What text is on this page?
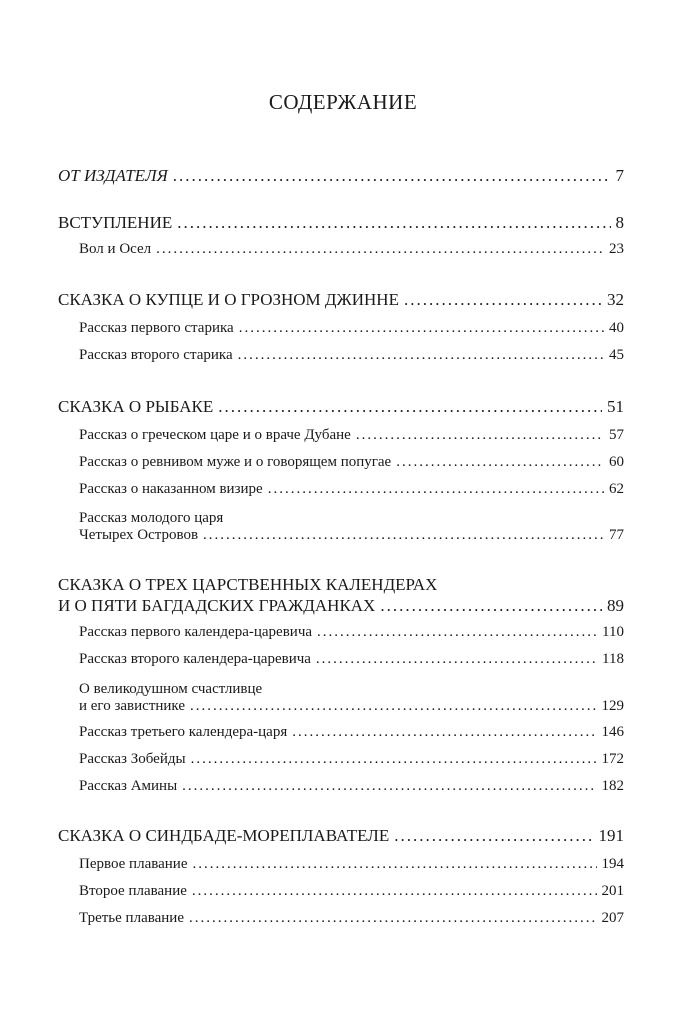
СОДЕРЖАНИЕ
ОТ ИЗДАТЕЛЯ .....	7
ВСТУПЛЕНИЕ .....	8
Вол и Осел .....	23
СКАЗКА О КУПЦЕ И О ГРОЗНОМ ДЖИННЕ .....	32
Рассказ первого старика .....	40
Рассказ второго старика .....	45
СКАЗКА О РЫБАКЕ .....	51
Рассказ о греческом царе и о враче Дубане .....	57
Рассказ о ревнивом муже и о говорящем попугае .....	60
Рассказ о наказанном визире .....	62
Рассказ молодого царя
Четырех Островов .....	77
СКАЗКА О ТРЕХ ЦАРСТВЕННЫХ КАЛЕНДЕРАХ
И О ПЯТИ БАГДАДСКИХ ГРАЖДАНКАХ .....	89
Рассказ первого календера-царевича .....	110
Рассказ второго календера-царевича .....	118
О великодушном счастливце
и его завистнике .....	129
Рассказ третьего календера-царя .....	146
Рассказ Зобейды .....	172
Рассказ Амины .....	182
СКАЗКА О СИНДБАДЕ-МОРЕПЛАВАТЕЛЕ .....	191
Первое плавание .....	194
Второе плавание .....	201
Третье плавание .....	207
